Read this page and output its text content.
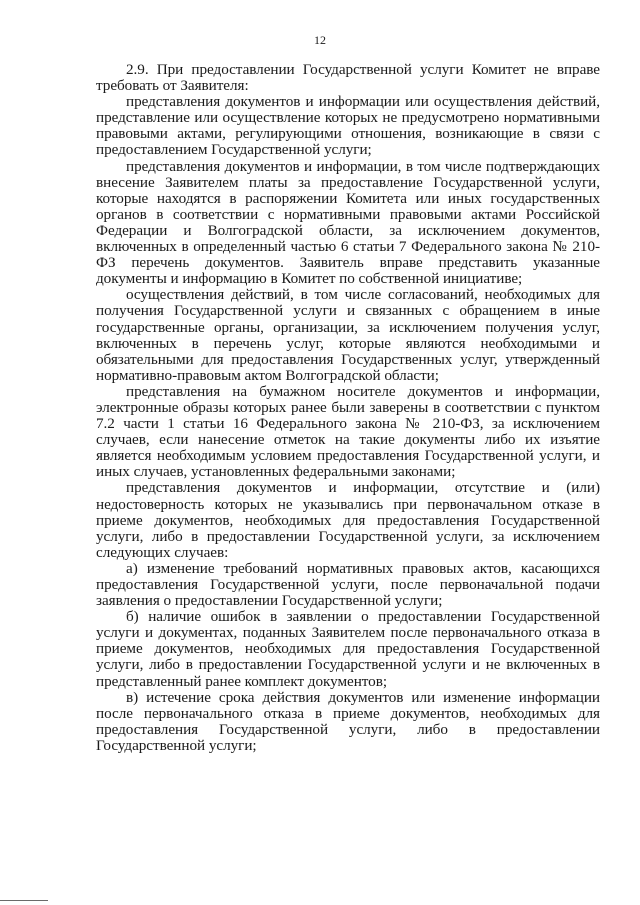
12

2.9. При предоставлении Государственной услуги Комитет не вправе требовать от Заявителя:

представления документов и информации или осуществления действий, представление или осуществление которых не предусмотрено нормативными правовыми актами, регулирующими отношения, возникающие в связи с предоставлением Государственной услуги;

представления документов и информации, в том числе подтверждающих внесение Заявителем платы за предоставление Государственной услуги, которые находятся в распоряжении Комитета или иных государственных органов в соответствии с нормативными правовыми актами Российской Федерации и Волгоградской области, за исключением документов, включенных в определенный частью 6 статьи 7 Федерального закона № 210-ФЗ перечень документов. Заявитель вправе представить указанные документы и информацию в Комитет по собственной инициативе;

осуществления действий, в том числе согласований, необходимых для получения Государственной услуги и связанных с обращением в иные государственные органы, организации, за исключением получения услуг, включенных в перечень услуг, которые являются необходимыми и обязательными для предоставления Государственных услуг, утвержденный нормативно-правовым актом Волгоградской области;

представления на бумажном носителе документов и информации, электронные образы которых ранее были заверены в соответствии с пунктом 7.2 части 1 статьи 16 Федерального закона № 210-ФЗ, за исключением случаев, если нанесение отметок на такие документы либо их изъятие является необходимым условием предоставления Государственной услуги, и иных случаев, установленных федеральными законами;

представления документов и информации, отсутствие и (или) недостоверность которых не указывались при первоначальном отказе в приеме документов, необходимых для предоставления Государственной услуги, либо в предоставлении Государственной услуги, за исключением следующих случаев:

а) изменение требований нормативных правовых актов, касающихся предоставления Государственной услуги, после первоначальной подачи заявления о предоставлении Государственной услуги;

б) наличие ошибок в заявлении о предоставлении Государственной услуги и документах, поданных Заявителем после первоначального отказа в приеме документов, необходимых для предоставления Государственной услуги, либо в предоставлении Государственной услуги и не включенных в представленный ранее комплект документов;

в) истечение срока действия документов или изменение информации после первоначального отказа в приеме документов, необходимых для предоставления Государственной услуги, либо в предоставлении Государственной услуги;
